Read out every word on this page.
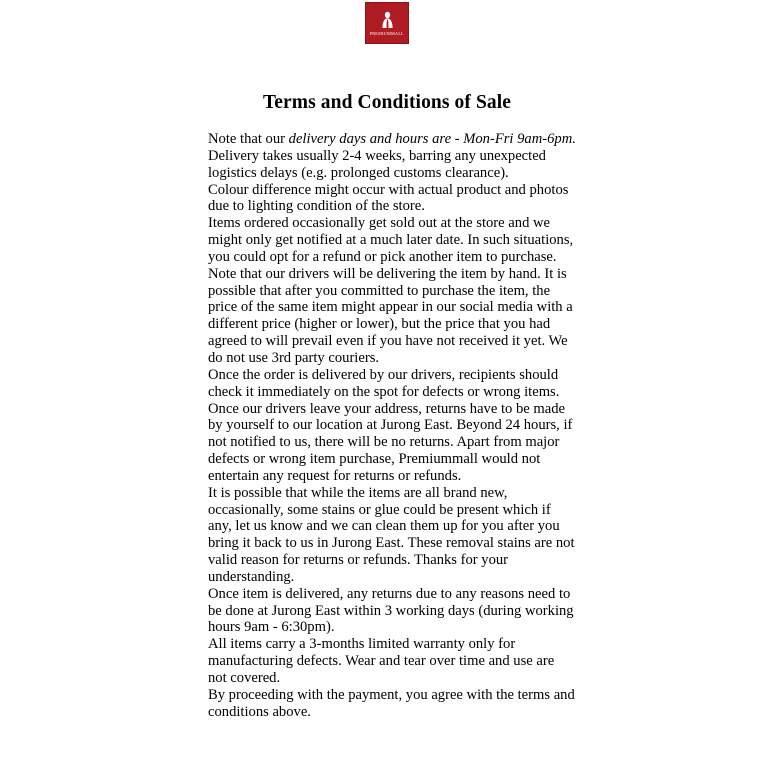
PREMIUMMALL
Terms and Conditions of Sale

Note that our delivery days and hours are - Mon-Fri 9am-6pm.

Delivery takes usually 2-4 weeks, barring any unexpected logistics delays (e.g. prolonged customs clearance).

Colour difference might occur with actual product and photos due to lighting condition of the store.

Items ordered occasionally get sold out at the store and we might only get notified at a much later date. In such situations, you could opt for a refund or pick another item to purchase.

Note that our drivers will be delivering the item by hand. It is possible that after you committed to purchase the item, the price of the same item might appear in our social media with a different price (higher or lower), but the price that you had agreed to will prevail even if you have not received it yet. We do not use 3rd party couriers.

Once the order is delivered by our drivers, recipients should check it immediately on the spot for defects or wrong items. Once our drivers leave your address, returns have to be made by yourself to our location at Jurong East. Beyond 24 hours, if not notified to us, there will be no returns. Apart from major defects or wrong item purchase, Premiummall would not entertain any request for returns or refunds.

It is possible that while the items are all brand new, occasionally, some stains or glue could be present which if any, let us know and we can clean them up for you after you bring it back to us in Jurong East. These removal stains are not valid reason for returns or refunds. Thanks for your understanding.

Once item is delivered, any returns due to any reasons need to be done at Jurong East within 3 working days (during working hours 9am - 6:30pm).

All items carry a 3-months limited warranty only for manufacturing defects. Wear and tear over time and use are not covered.

By proceeding with the payment, you agree with the terms and conditions above.
